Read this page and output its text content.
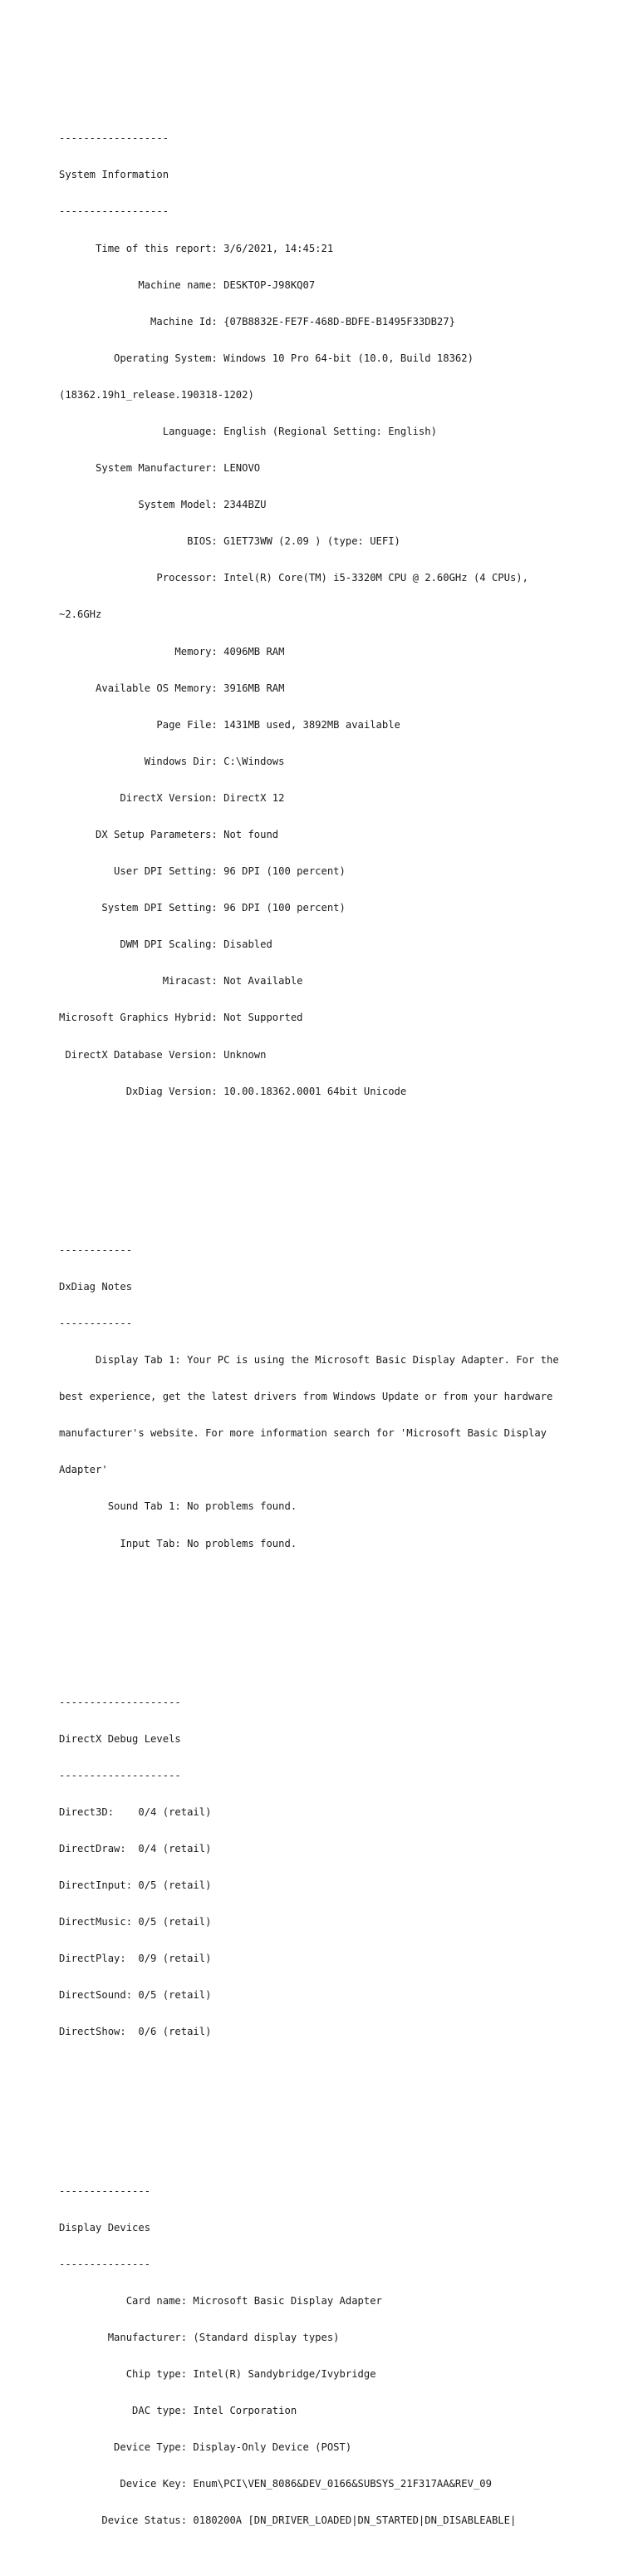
------------------

System Information

------------------

Time of this report: 3/6/2021, 14:45:21

Machine name: DESKTOP-J98KQ07

Machine Id: {07B8832E-FE7F-468D-BDFE-B1495F33DB27}

Operating System: Windows 10 Pro 64-bit (10.0, Build 18362)

(18362.19h1_release.190318-1202)

Language: English (Regional Setting: English)

System Manufacturer: LENOVO

System Model: 2344BZU

BIOS: G1ET73WW (2.09 ) (type: UEFI)

Processor: Intel(R) Core(TM) i5-3320M CPU @ 2.60GHz (4 CPUs),

~2.6GHz

Memory: 4096MB RAM

Available OS Memory: 3916MB RAM

Page File: 1431MB used, 3892MB available

Windows Dir: C:\Windows

DirectX Version: DirectX 12

DX Setup Parameters: Not found

User DPI Setting: 96 DPI (100 percent)

System DPI Setting: 96 DPI (100 percent)

DWM DPI Scaling: Disabled

Miracast: Not Available

Microsoft Graphics Hybrid: Not Supported

DirectX Database Version: Unknown

DxDiag Version: 10.00.18362.0001 64bit Unicode

------------

DxDiag Notes

------------

Display Tab 1: Your PC is using the Microsoft Basic Display Adapter. For the

best experience, get the latest drivers from Windows Update or from your hardware

manufacturer's website. For more information search for 'Microsoft Basic Display

Adapter'

Sound Tab 1: No problems found.

Input Tab: No problems found.

--------------------

DirectX Debug Levels

--------------------

Direct3D:    0/4 (retail)

DirectDraw:  0/4 (retail)

DirectInput: 0/5 (retail)

DirectMusic: 0/5 (retail)

DirectPlay:  0/9 (retail)

DirectSound: 0/5 (retail)

DirectShow:  0/6 (retail)

---------------

Display Devices

---------------

Card name: Microsoft Basic Display Adapter

Manufacturer: (Standard display types)

Chip type: Intel(R) Sandybridge/Ivybridge

DAC type: Intel Corporation

Device Type: Display-Only Device (POST)

Device Key: Enum\PCI\VEN_8086&DEV_0166&SUBSYS_21F317AA&REV_09

Device Status: 0180200A [DN_DRIVER_LOADED|DN_STARTED|DN_DISABLEABLE|
